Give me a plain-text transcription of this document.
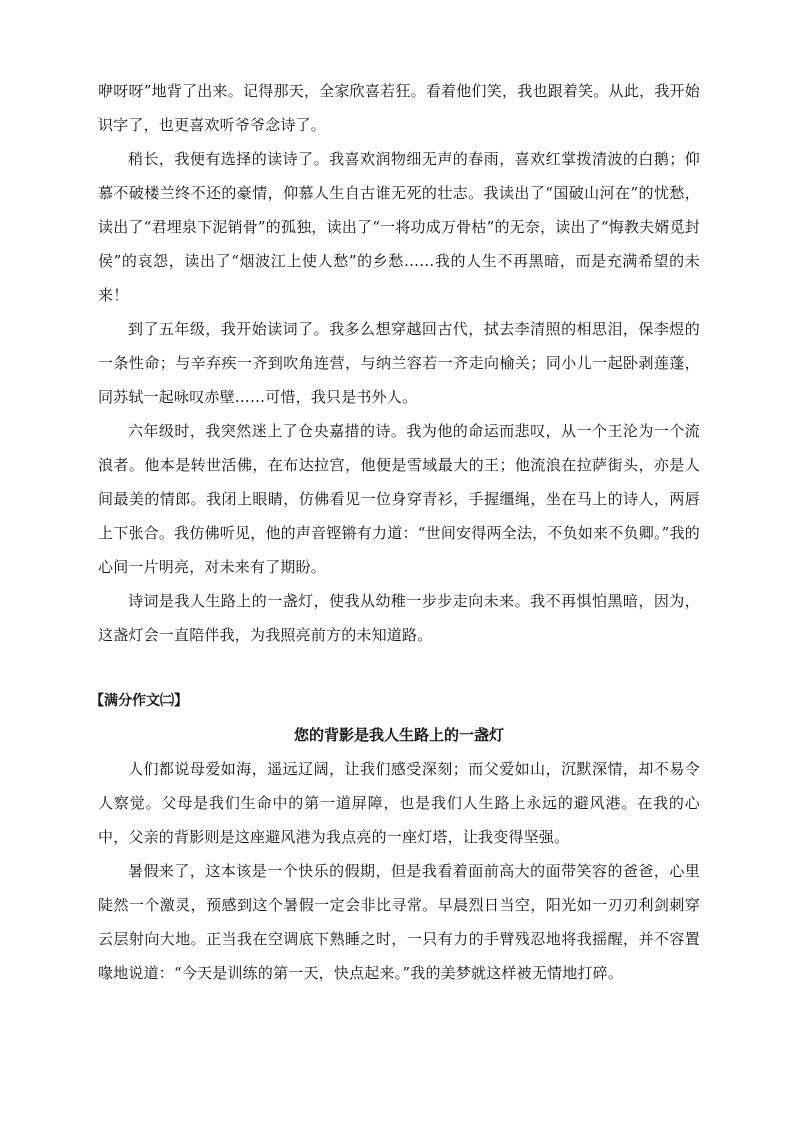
咿呀呀”地背了出来。记得那天，全家欣喜若狂。看着他们笑，我也跟着笑。从此，我开始识字了，也更喜欢听爷爷念诗了。

稍长，我便有选择的读诗了。我喜欢润物细无声的春雨，喜欢红掌拨清波的白鹅；仰慕不破楼兰终不还的豪情，仰慕人生自古谁无死的壮志。我读出了“国破山河在”的忧愁，读出了“君埋泉下泥销骨”的孤独，读出了“一将功成万骨枯”的无奈，读出了“悔教夫婿觅封侯”的哀怨，读出了“烟波江上使人愁”的乡愁……我的人生不再黑暗，而是充满希望的未来！

到了五年级，我开始读词了。我多么想穿越回古代，拭去李清照的相思泪，保李煜的一条性命；与辛弃疾一齐到吹角连营，与纳兰容若一齐走向榆关；同小儿一起卧剥莲蓬，同苏轼一起咏叹赤壁……可惜，我只是书外人。

六年级时，我突然迷上了仓央嘉措的诗。我为他的命运而悲叹，从一个王沦为一个流浪者。他本是转世活佛，在布达拉宫，他便是雪域最大的王；他流浪在拉萨街头，亦是人间最美的情郎。我闭上眼睛，仿佛看见一位身穿青衫，手握缰绳，坐在马上的诗人，两唇上下张合。我仿佛听见，他的声音铿锵有力道：“世间安得两全法，不负如来不负卿。”我的心间一片明亮，对未来有了期盼。

诗词是我人生路上的一盏灯，使我从幼稚一步步走向未来。我不再惧怕黑暗，因为，这盏灯会一直陪伴我，为我照亮前方的未知道路。

【满分作文㈡】
您的背影是我人生路上的一盏灯

人们都说母爱如海，遥远辽阔，让我们感受深刻；而父爱如山，沉默深情，却不易令人察觉。父母是我们生命中的第一道屏障，也是我们人生路上永远的避风港。在我的心中，父亲的背影则是这座避风港为我点亮的一座灯塔，让我变得坚强。

暑假来了，这本该是一个快乐的假期，但是我看着面前高大的面带笑容的爸爸，心里陡然一个激灵，预感到这个暑假一定会非比寻常。早晨烈日当空，阳光如一刃刃利剑刺穿云层射向大地。正当我在空调底下熟睡之时，一只有力的手臂残忍地将我摇醒，并不容置喙地说道：“今天是训练的第一天，快点起来。”我的美梦就这样被无情地打碎。
